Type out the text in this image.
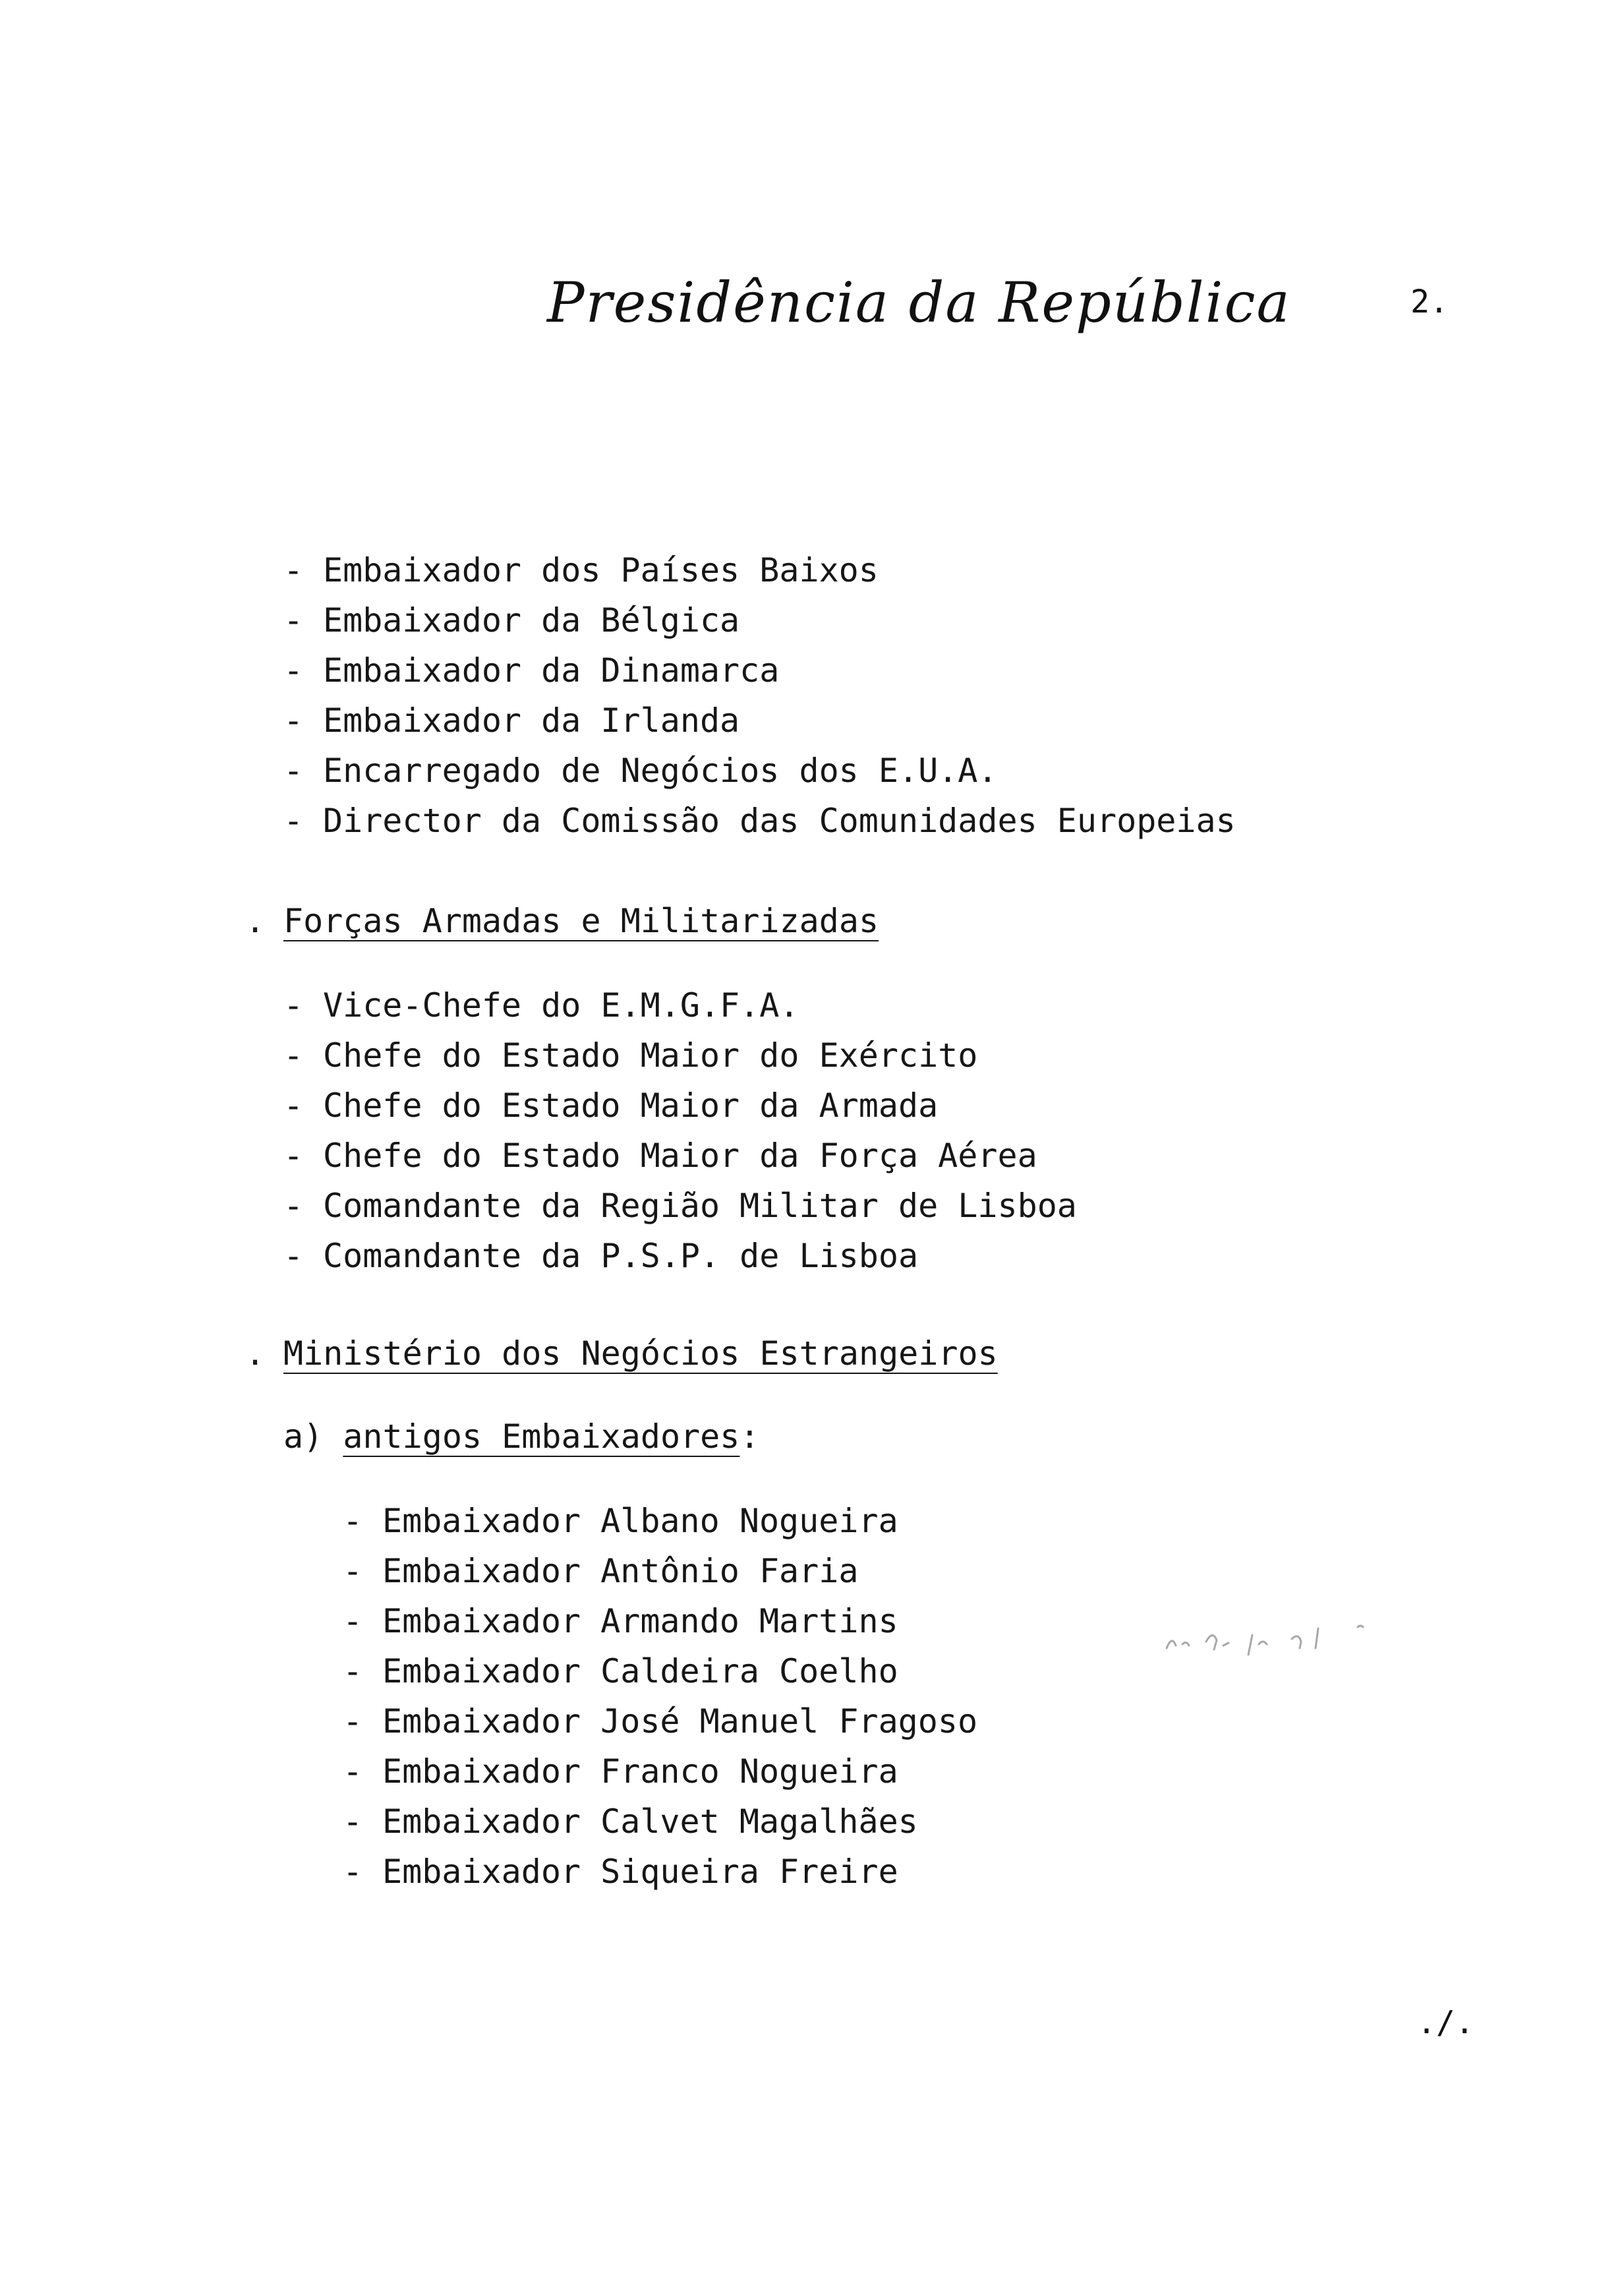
Presidência da República	2.
- Embaixador dos Países Baixos
- Embaixador da Bélgica
- Embaixador da Dinamarca
- Embaixador da Irlanda
- Encarregado de Negócios dos E.U.A.
- Director da Comissão das Comunidades Europeias
. Forças Armadas e Militarizadas
- Vice-Chefe do E.M.G.F.A.
- Chefe do Estado Maior do Exército
- Chefe do Estado Maior da Armada
- Chefe do Estado Maior da Força Aérea
- Comandante da Região Militar de Lisboa
- Comandante da P.S.P. de Lisboa
. Ministério dos Negócios Estrangeiros
a) antigos Embaixadores:
- Embaixador Albano Nogueira
- Embaixador Antônio Faria
- Embaixador Armando Martins
- Embaixador Caldeira Coelho
- Embaixador José Manuel Fragoso
- Embaixador Franco Nogueira
- Embaixador Calvet Magalhães
- Embaixador Siqueira Freire
./.
